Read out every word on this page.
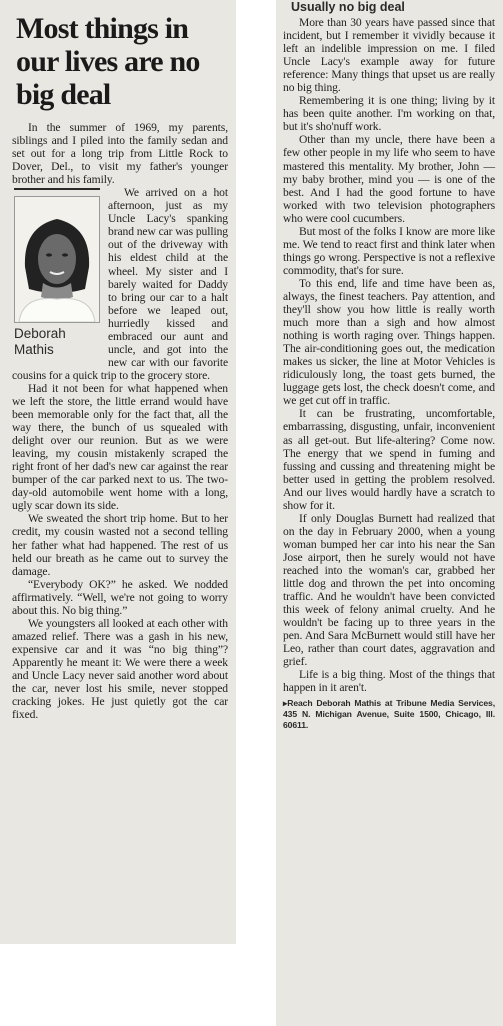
Most things in our lives are no big deal

In the summer of 1969, my parents, siblings and I piled into the family sedan and set out for a long trip from Little Rock to Dover, Del., to visit my father's younger brother and his family.

Deborah Mathis

We arrived on a hot afternoon, just as my Uncle Lacy's spanking brand new car was pulling out of the driveway with his eldest child at the wheel. My sister and I barely waited for Daddy to bring our car to a halt before we leaped out, hurriedly kissed and embraced our aunt and uncle, and got into the new car with our favorite cousins for a quick trip to the grocery store.

Had it not been for what happened when we left the store, the little errand would have been memorable only for the fact that, all the way there, the bunch of us squealed with delight over our reunion. But as we were leaving, my cousin mistakenly scraped the right front of her dad's new car against the rear bumper of the car parked next to us. The two-day-old automobile went home with a long, ugly scar down its side.

We sweated the short trip home. But to her credit, my cousin wasted not a second telling her father what had happened. The rest of us held our breath as he came out to survey the damage.

“Everybody OK?” he asked. We nodded affirmatively. “Well, we're not going to worry about this. No big thing.”

We youngsters all looked at each other with amazed relief. There was a gash in his new, expensive car and it was “no big thing”? Apparently he meant it: We were there a week and Uncle Lacy never said another word about the car, never lost his smile, never stopped cracking jokes. He just quietly got the car fixed.

Usually no big deal

More than 30 years have passed since that incident, but I remember it vividly because it left an indelible impression on me. I filed Uncle Lacy's example away for future reference: Many things that upset us are really no big thing.

Remembering it is one thing; living by it has been quite another. I'm working on that, but it's sho'nuff work.

Other than my uncle, there have been a few other people in my life who seem to have mastered this mentality. My brother, John — my baby brother, mind you — is one of the best. And I had the good fortune to have worked with two television photographers who were cool cucumbers.

But most of the folks I know are more like me. We tend to react first and think later when things go wrong. Perspective is not a reflexive commodity, that's for sure.

To this end, life and time have been as, always, the finest teachers. Pay attention, and they'll show you how little is really worth much more than a sigh and how almost nothing is worth raging over. Things happen. The air-conditioning goes out, the medication makes us sicker, the line at Motor Vehicles is ridiculously long, the toast gets burned, the luggage gets lost, the check doesn't come, and we get cut off in traffic.

It can be frustrating, uncomfortable, embarrassing, disgusting, unfair, inconvenient as all get-out. But life-altering? Come now. The energy that we spend in fuming and fussing and cussing and threatening might be better used in getting the problem resolved. And our lives would hardly have a scratch to show for it.

If only Douglas Burnett had realized that on the day in February 2000, when a young woman bumped her car into his near the San Jose airport, then he surely would not have reached into the woman's car, grabbed her little dog and thrown the pet into oncoming traffic. And he wouldn't have been convicted this week of felony animal cruelty. And he wouldn't be facing up to three years in the pen. And Sara McBurnett would still have her Leo, rather than court dates, aggravation and grief.

Life is a big thing. Most of the things that happen in it aren't.

▸Reach Deborah Mathis at Tribune Media Services, 435 N. Michigan Avenue, Suite 1500, Chicago, Ill. 60611.
